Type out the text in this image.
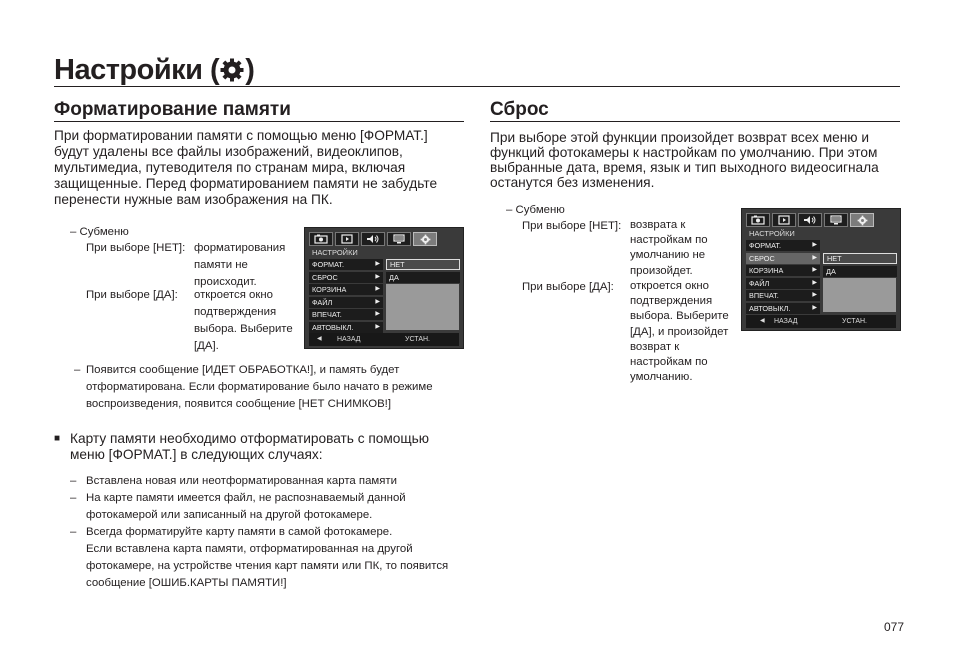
Настройки ( )
Форматирование памяти
При форматировании памяти с помощью меню [ФОРМАТ.]
будут удалены все файлы изображений, видеоклипов,
мультимедиа, путеводителя по странам мира, включая
защищенные. Перед форматированием памяти не забудьте
перенести нужные вам изображения на ПК.
– Субменю
При выборе [НЕТ]: форматирования
памяти не
происходит.
При выборе [ДА]: откроется окно
подтверждения
выбора. Выберите
[ДА].
НАСТРОЙКИ
ФОРМАТ.	▶
СБРОС	▶
КОРЗИНА	▶
ФАЙЛ	▶
ВПЕЧАТ.	▶
АВТОВЫКЛ.	▶
НЕТ
ДА
◀ НАЗАД	УСТАН.
– Появится сообщение [ИДЕТ ОБРАБОТКА!], и память будет
отформатирована. Если форматирование было начато в режиме
воспроизведения, появится сообщение [НЕТ СНИМКОВ!]
■ Карту памяти необходимо отформатировать с помощью
меню [ФОРМАТ.] в следующих случаях:
– Вставлена новая или неотформатированная карта памяти
– На карте памяти имеется файл, не распознаваемый данной
фотокамерой или записанный на другой фотокамере.
– Всегда форматируйте карту памяти в самой фотокамере.
Если вставлена карта памяти, отформатированная на другой
фотокамере, на устройстве чтения карт памяти или ПК, то появится
сообщение [ОШИБ.КАРТЫ ПАМЯТИ!]
Сброс
При выборе этой функции произойдет возврат всех меню и
функций фотокамеры к настройкам по умолчанию. При этом
выбранные дата, время, язык и тип выходного видеосигнала
останутся без изменения.
– Субменю
При выборе [НЕТ]: возврата к
настройкам по
умолчанию не
произойдет.
При выборе [ДА]: откроется окно
подтверждения
выбора. Выберите
[ДА], и произойдет
возврат к
настройкам по
умолчанию.
НАСТРОЙКИ
ФОРМАТ.	▶
СБРОС	▶
КОРЗИНА	▶
ФАЙЛ	▶
ВПЕЧАТ.	▶
АВТОВЫКЛ.	▶
НЕТ
ДА
◀ НАЗАД	УСТАН.
077
